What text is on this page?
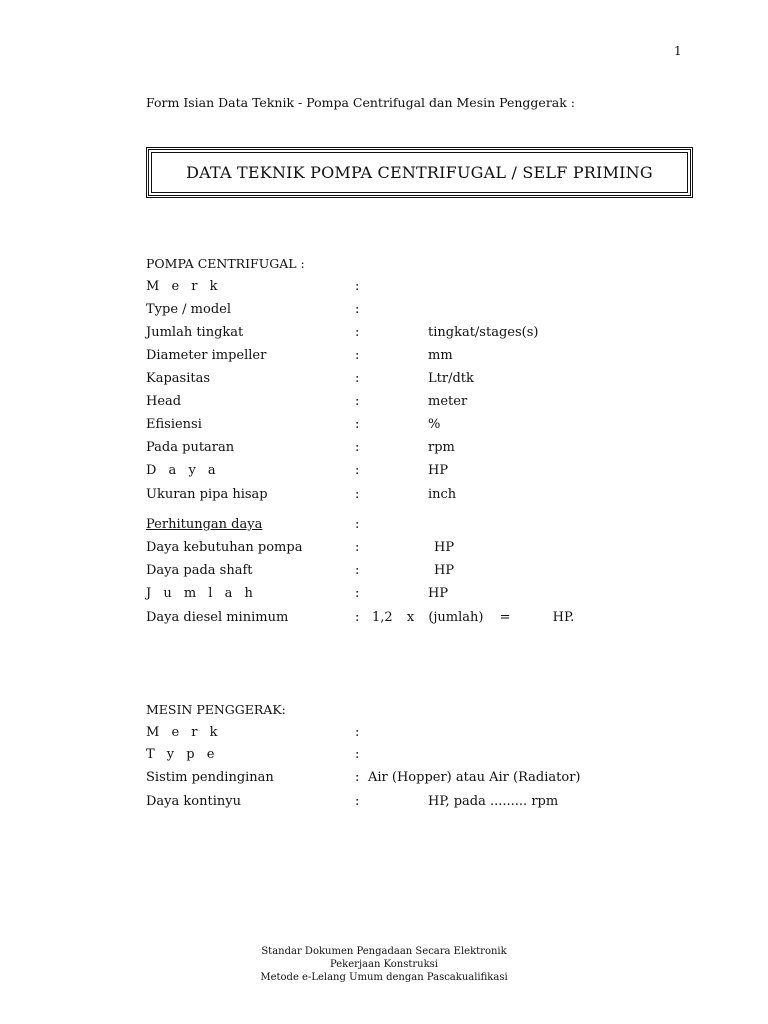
1
Form Isian Data Teknik - Pompa Centrifugal dan Mesin Penggerak :
DATA TEKNIK POMPA CENTRIFUGAL / SELF PRIMING
POMPA CENTRIFUGAL :
M e r k	:
Type / model	:
Jumlah tingkat	:	tingkat/stages(s)
Diameter impeller	:	mm
Kapasitas	:	Ltr/dtk
Head	:	meter
Efisiensi	:	%
Pada putaran	:	rpm
D a y a	:	HP
Ukuran pipa hisap	:	inch
Perhitungan daya	:
Daya kebutuhan pompa	:	HP
Daya pada shaft	:	HP
J u m l a h	:	HP
Daya diesel minimum	: 1,2 x (jumlah) =	HP.
MESIN PENGGERAK:
M e r k	:
T y p e	:
Sistim pendinginan	: Air (Hopper) atau Air (Radiator)
Daya kontinyu	:	HP, pada ......... rpm
Standar Dokumen Pengadaan Secara Elektronik
Pekerjaan Konstruksi
Metode e-Lelang Umum dengan Pascakualifikasi
